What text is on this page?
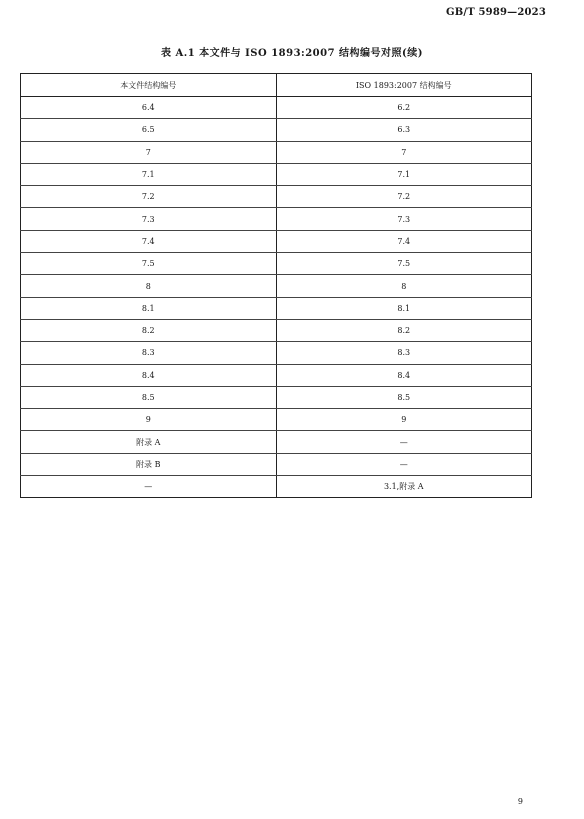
GB/T 5989—2023
表 A.1 本文件与 ISO 1893:2007 结构编号对照(续)
本文件结构编号	ISO 1893:2007 结构编号
6.4	6.2
6.5	6.3
7	7
7.1	7.1
7.2	7.2
7.3	7.3
7.4	7.4
7.5	7.5
8	8
8.1	8.1
8.2	8.2
8.3	8.3
8.4	8.4
8.5	8.5
9	9
附录 A	—
附录 B	—
—	3.1,附录 A
9
